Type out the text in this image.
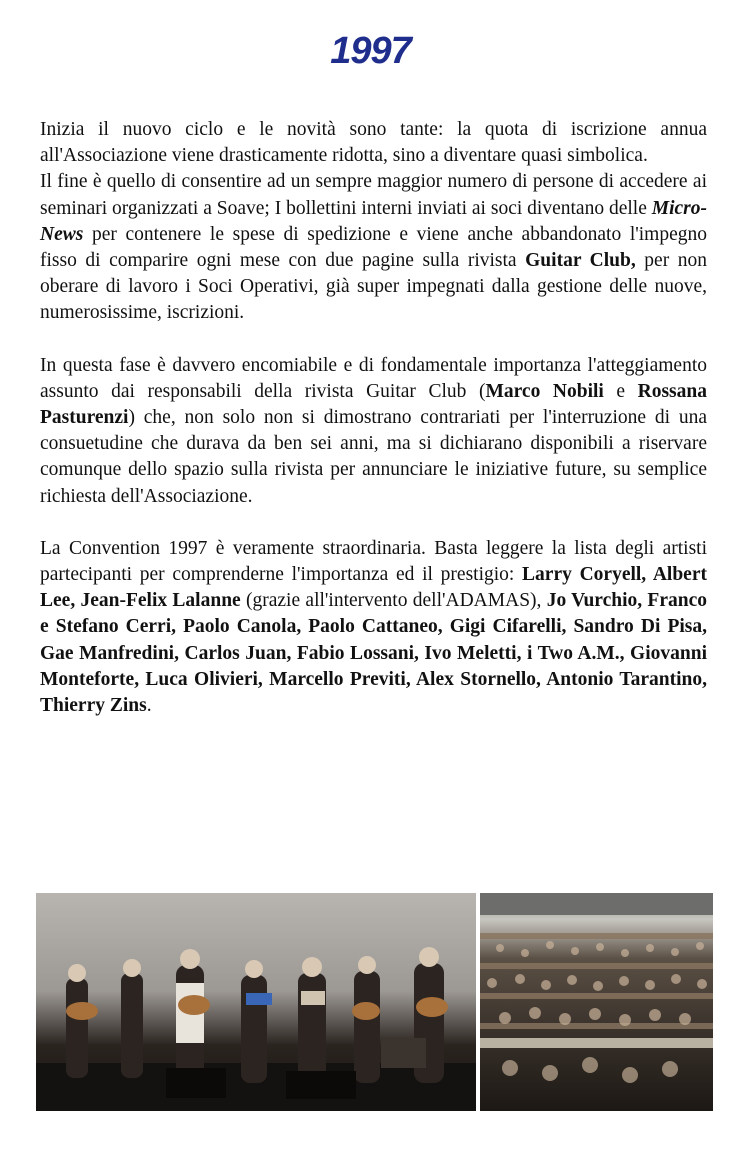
1997

Inizia il nuovo ciclo e le novità sono tante: la quota di iscrizione annua all'Associazione viene drasticamente ridotta, sino a diventare quasi simbolica.
Il fine è quello di consentire ad un sempre maggior numero di persone di accedere ai seminari organizzati a Soave; I bollettini interni inviati ai soci diventano delle Micro-News per contenere le spese di spedizione e viene anche abbandonato l'impegno fisso di comparire ogni mese con due pagine sulla rivista Guitar Club, per non oberare di lavoro i Soci Operativi, già super impegnati dalla gestione delle nuove, numerosissime, iscrizioni.

In questa fase è davvero encomiabile e di fondamentale importanza l'atteggiamento assunto dai responsabili della rivista Guitar Club (Marco Nobili e Rossana Pasturenzi) che, non solo non si dimostrano contrariati per l'interruzione di una consuetudine che durava da ben sei anni, ma si dichiarano disponibili a riservare comunque dello spazio sulla rivista per annunciare le iniziative future, su semplice richiesta dell'Associazione.

La Convention 1997 è veramente straordinaria. Basta leggere la lista degli artisti partecipanti per comprenderne l'importanza ed il prestigio: Larry Coryell, Albert Lee, Jean-Felix Lalanne (grazie all'intervento dell'ADAMAS), Jo Vurchio, Franco e Stefano Cerri, Paolo Canola, Paolo Cattaneo, Gigi Cifarelli, Sandro Di Pisa, Gae Manfredini, Carlos Juan, Fabio Lossani, Ivo Meletti, i Two A.M., Giovanni Monteforte, Luca Olivieri, Marcello Previti, Alex Stornello, Antonio Tarantino, Thierry Zins.
